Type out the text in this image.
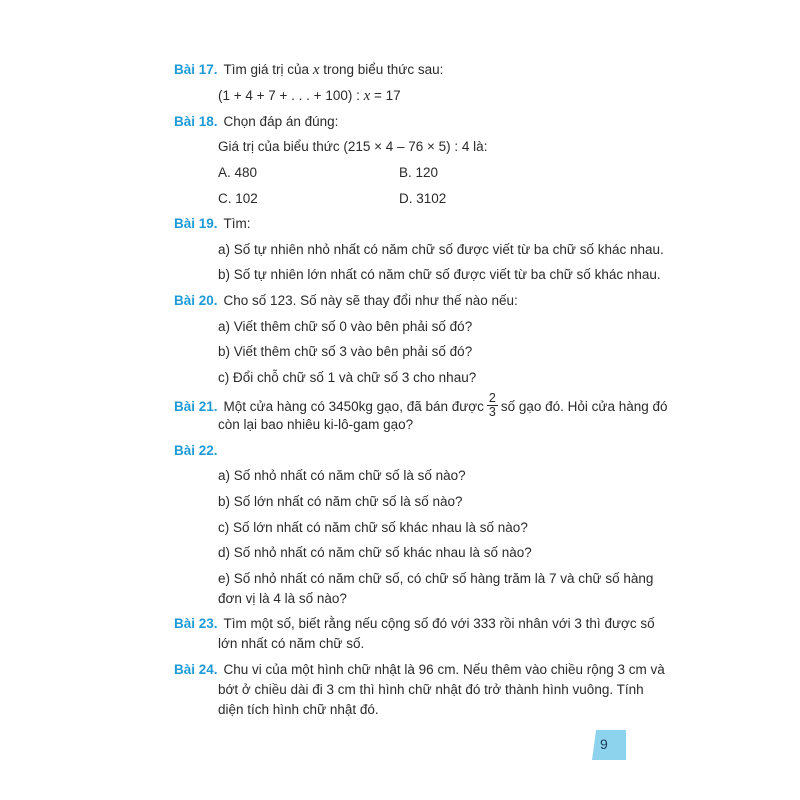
Bài 17. Tìm giá trị của x trong biểu thức sau:
(1 + 4 + 7 + . . . + 100) : x = 17
Bài 18. Chọn đáp án đúng:
Giá trị của biểu thức (215 × 4 – 76 × 5) : 4 là:
A. 480	B. 120
C. 102	D. 3102
Bài 19. Tìm:
a) Số tự nhiên nhỏ nhất có năm chữ số được viết từ ba chữ số khác nhau.
b) Số tự nhiên lớn nhất có năm chữ số được viết từ ba chữ số khác nhau.
Bài 20. Cho số 123. Số này sẽ thay đổi như thế nào nếu:
a) Viết thêm chữ số 0 vào bên phải số đó?
b) Viết thêm chữ số 3 vào bên phải số đó?
c) Đổi chỗ chữ số 1 và chữ số 3 cho nhau?
Bài 21. Một cửa hàng có 3450kg gạo, đã bán được $\frac{2}{3}$ số gạo đó. Hỏi cửa hàng đó
còn lại bao nhiêu ki-lô-gam gạo?
Bài 22.
a) Số nhỏ nhất có năm chữ số là số nào?
b) Số lớn nhất có năm chữ số là số nào?
c) Số lớn nhất có năm chữ số khác nhau là số nào?
d) Số nhỏ nhất có năm chữ số khác nhau là số nào?
e) Số nhỏ nhất có năm chữ số, có chữ số hàng trăm là 7 và chữ số hàng
đơn vị là 4 là số nào?
Bài 23. Tìm một số, biết rằng nếu cộng số đó với 333 rồi nhân với 3 thì được số
lớn nhất có năm chữ số.
Bài 24. Chu vi của một hình chữ nhật là 96 cm. Nếu thêm vào chiều rộng 3 cm và
bớt ở chiều dài đi 3 cm thì hình chữ nhật đó trở thành hình vuông. Tính
diện tích hình chữ nhật đó.
9
